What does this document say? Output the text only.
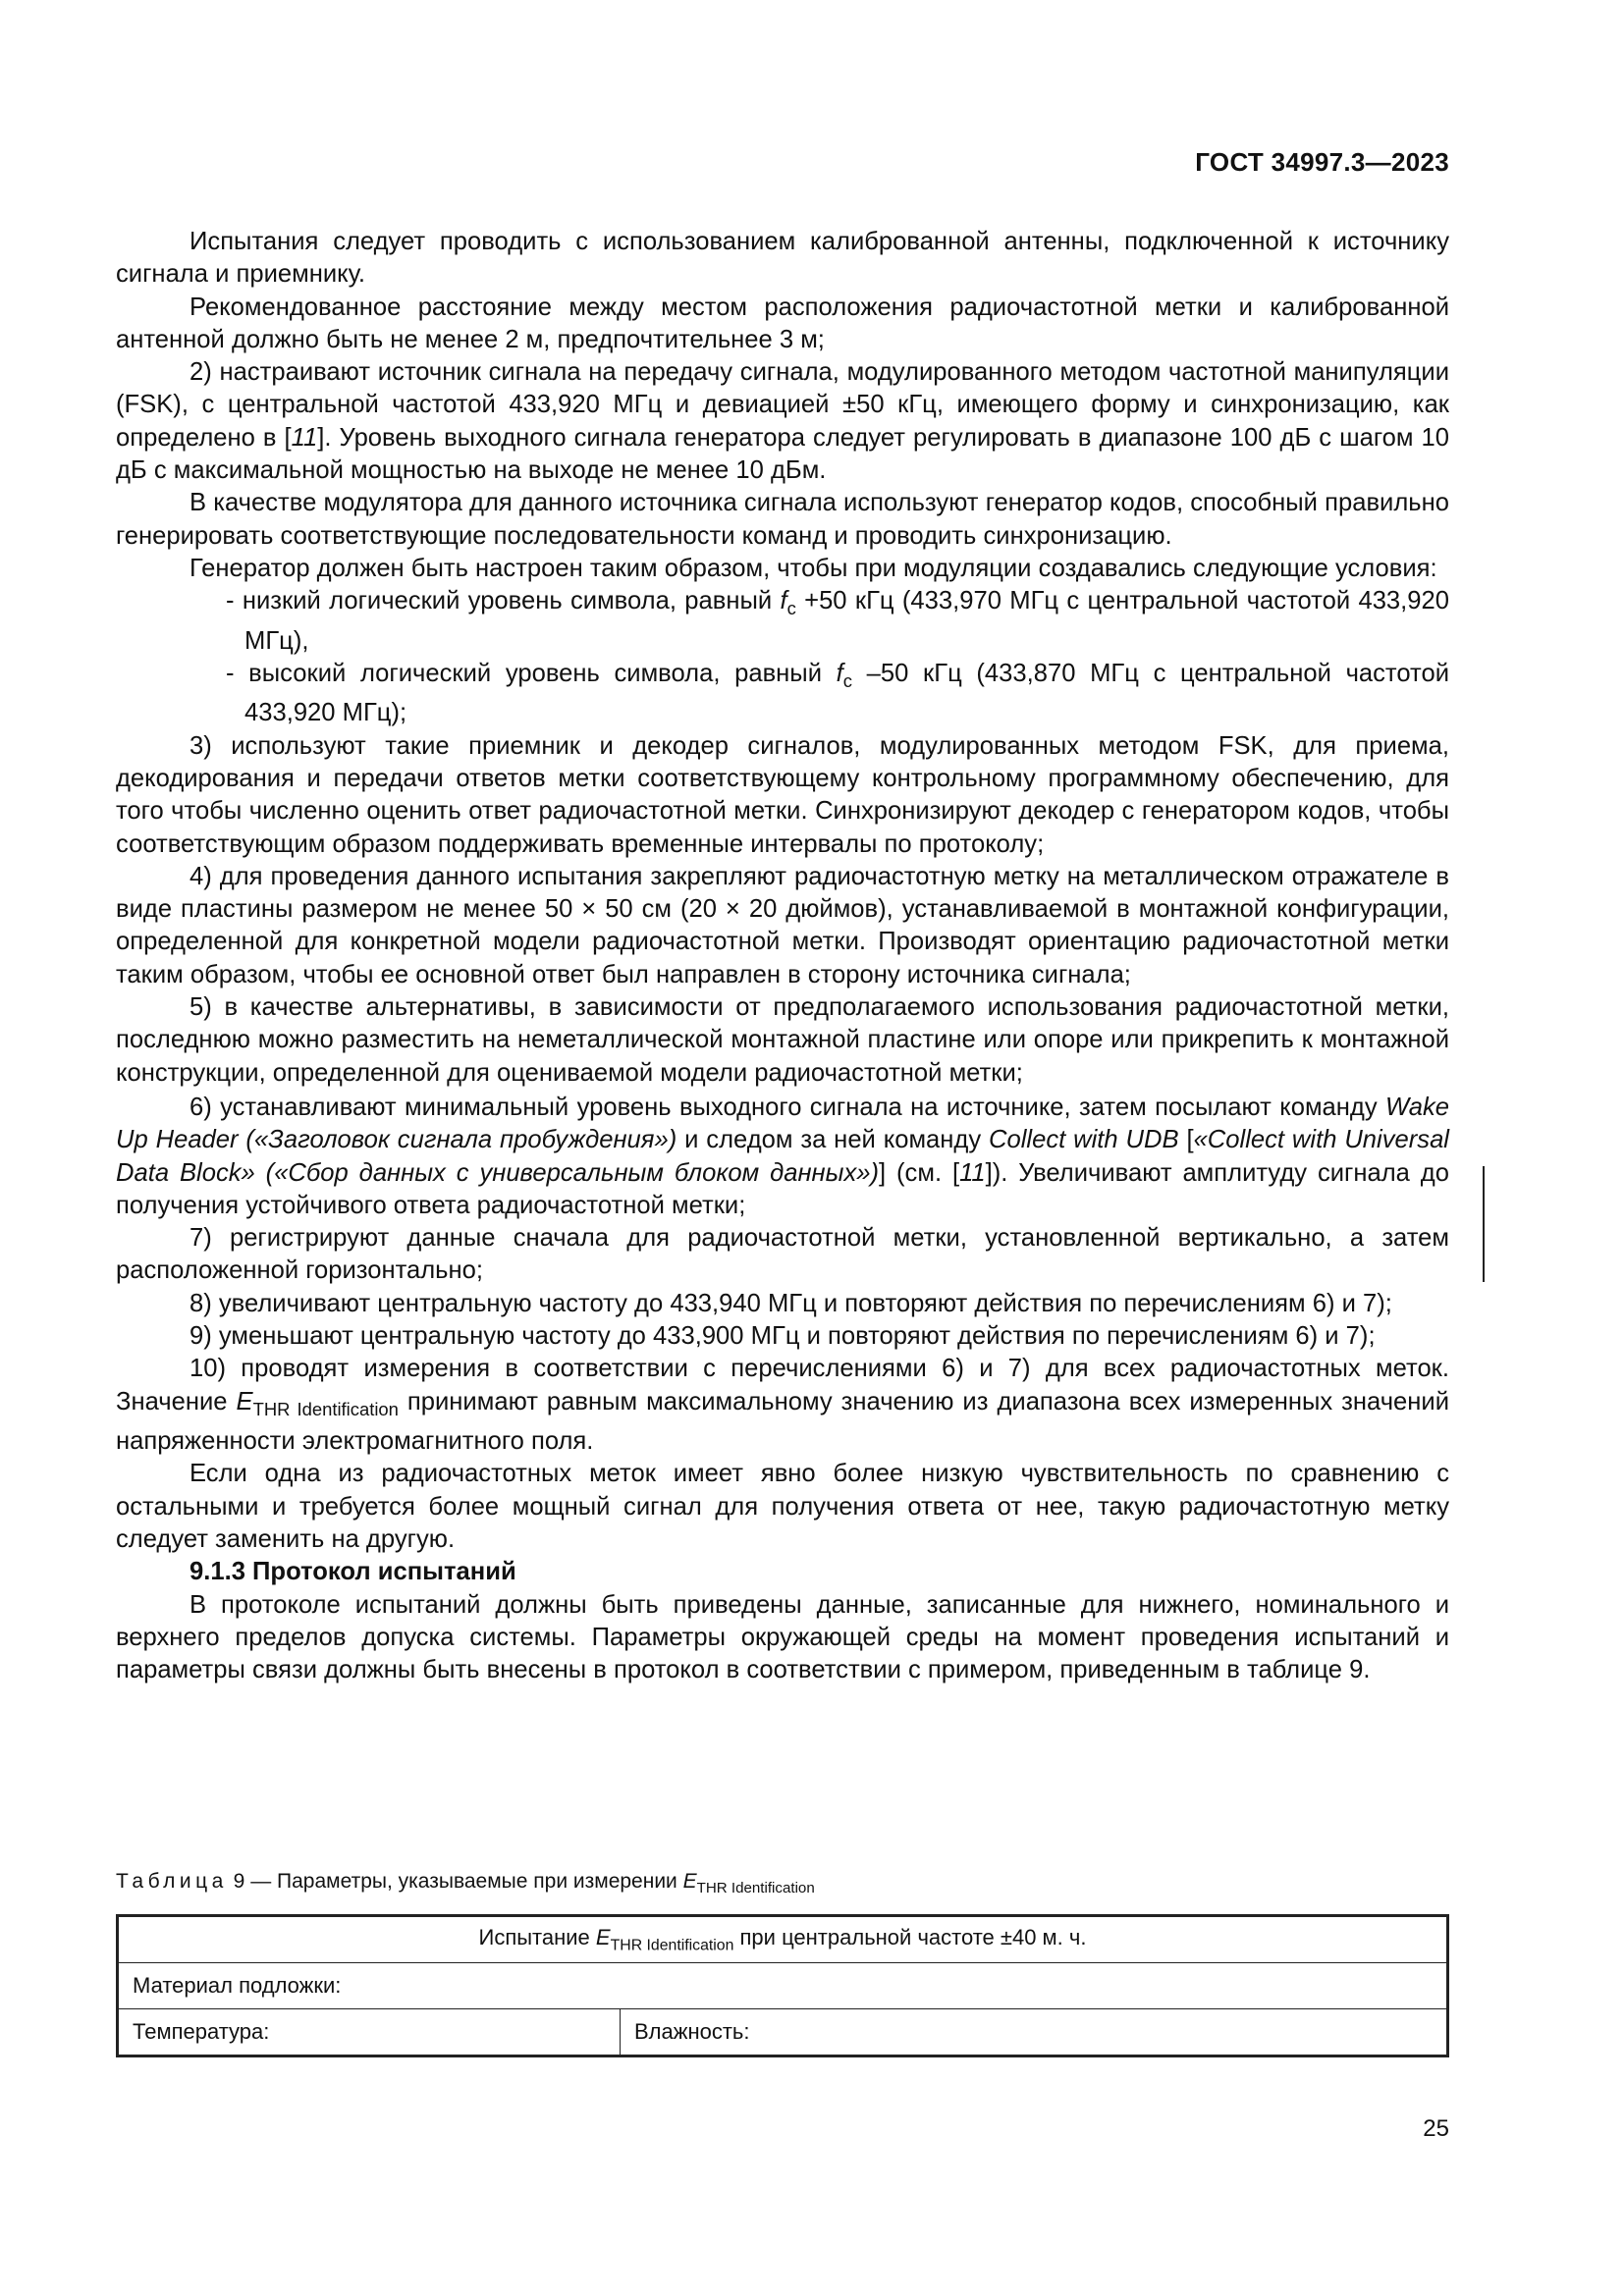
ГОСТ 34997.3—2023

Испытания следует проводить с использованием калиброванной антенны, подключенной к источнику сигнала и приемнику.

Рекомендованное расстояние между местом расположения радиочастотной метки и калиброванной антенной должно быть не менее 2 м, предпочтительнее 3 м;

2) настраивают источник сигнала на передачу сигнала, модулированного методом частотной манипуляции (FSK), с центральной частотой 433,920 МГц и девиацией ±50 кГц, имеющего форму и синхронизацию, как определено в [11]. Уровень выходного сигнала генератора следует регулировать в диапазоне 100 дБ с шагом 10 дБ с максимальной мощностью на выходе не менее 10 дБм.

В качестве модулятора для данного источника сигнала используют генератор кодов, способный правильно генерировать соответствующие последовательности команд и проводить синхронизацию.

Генератор должен быть настроен таким образом, чтобы при модуляции создавались следующие условия:

- низкий логический уровень символа, равный $f_c +50$ кГц (433,970 МГц с центральной частотой 433,920 МГц),

- высокий логический уровень символа, равный $f_c$ –50 кГц (433,870 МГц с центральной частотой 433,920 МГц);

3) используют такие приемник и декодер сигналов, модулированных методом FSK, для приема, декодирования и передачи ответов метки соответствующему контрольному программному обеспечению, для того чтобы численно оценить ответ радиочастотной метки. Синхронизируют декодер с генератором кодов, чтобы соответствующим образом поддерживать временные интервалы по протоколу;

4) для проведения данного испытания закрепляют радиочастотную метку на металлическом отражателе в виде пластины размером не менее 50 × 50 см (20 × 20 дюймов), устанавливаемой в монтажной конфигурации, определенной для конкретной модели радиочастотной метки. Производят ориентацию радиочастотной метки таким образом, чтобы ее основной ответ был направлен в сторону источника сигнала;

5) в качестве альтернативы, в зависимости от предполагаемого использования радиочастотной метки, последнюю можно разместить на неметаллической монтажной пластине или опоре или прикрепить к монтажной конструкции, определенной для оцениваемой модели радиочастотной метки;

6) устанавливают минимальный уровень выходного сигнала на источнике, затем посылают команду Wake Up Header («Заголовок сигнала пробуждения») и следом за ней команду Collect with UDB [«Collect with Universal Data Block» («Сбор данных с универсальным блоком данных»)] (см. [11]). Увеличивают амплитуду сигнала до получения устойчивого ответа радиочастотной метки;

7) регистрируют данные сначала для радиочастотной метки, установленной вертикально, а затем расположенной горизонтально;

8) увеличивают центральную частоту до 433,940 МГц и повторяют действия по перечислениям 6) и 7);

9) уменьшают центральную частоту до 433,900 МГц и повторяют действия по перечислениям 6) и 7);

10) проводят измерения в соответствии с перечислениями 6) и 7) для всех радиочастотных меток. Значение $E_{THR Identification}$ принимают равным максимальному значению из диапазона всех измеренных значений напряженности электромагнитного поля.

Если одна из радиочастотных меток имеет явно более низкую чувствительность по сравнению с остальными и требуется более мощный сигнал для получения ответа от нее, такую радиочастотную метку следует заменить на другую.

9.1.3 Протокол испытаний

В протоколе испытаний должны быть приведены данные, записанные для нижнего, номинального и верхнего пределов допуска системы. Параметры окружающей среды на момент проведения испытаний и параметры связи должны быть внесены в протокол в соответствии с примером, приведенным в таблице 9.

Таблица 9 — Параметры, указываемые при измерении $E_{THR Identification}$
Испытание $E_{THR Identification}$ при центральной частоте ±40 м. ч.
Материал подложки:
Температура:	Влажность:
25
